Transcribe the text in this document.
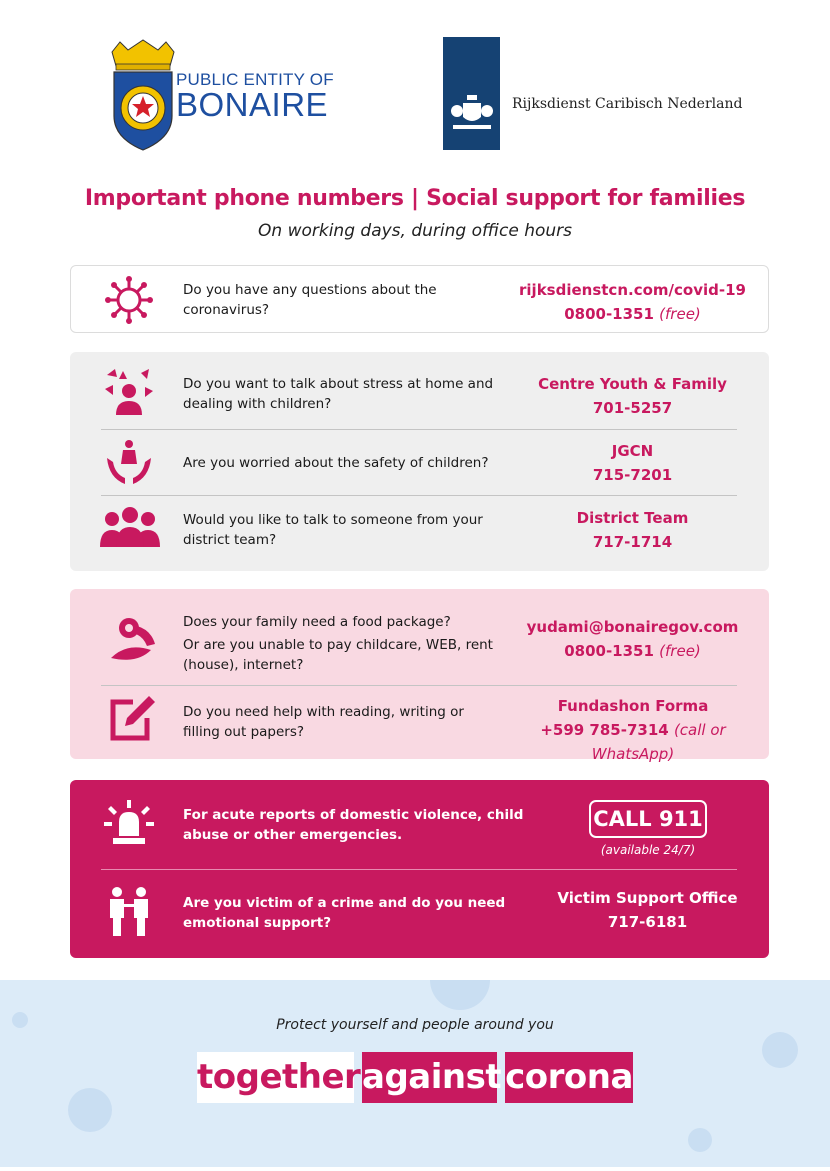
PUBLIC ENTITY OF
BONAIRE	Rijksdienst Caribisch Nederland
Important phone numbers | Social support for families
On working days, during office hours
Do you have any questions about the coronavirus?
rijksdienstcn.com/covid-19
0800-1351 (free)
Do you want to talk about stress at home and dealing with children?
Centre Youth & Family
701-5257
Are you worried about the safety of children?
JGCN
715-7201
Would you like to talk to someone from your district team?
District Team
717-1714
Does your family need a food package?
Or are you unable to pay childcare, WEB, rent (house), internet?
yudami@bonairegov.com
0800-1351 (free)
Do you need help with reading, writing or filling out papers?
Fundashon Forma
+599 785-7314 (call or WhatsApp)
For acute reports of domestic violence, child abuse or other emergencies.
CALL 911
(available 24/7)
Are you victim of a crime and do you need emotional support?
Victim Support Office
717-6181
Protect yourself and people around you
together against corona
